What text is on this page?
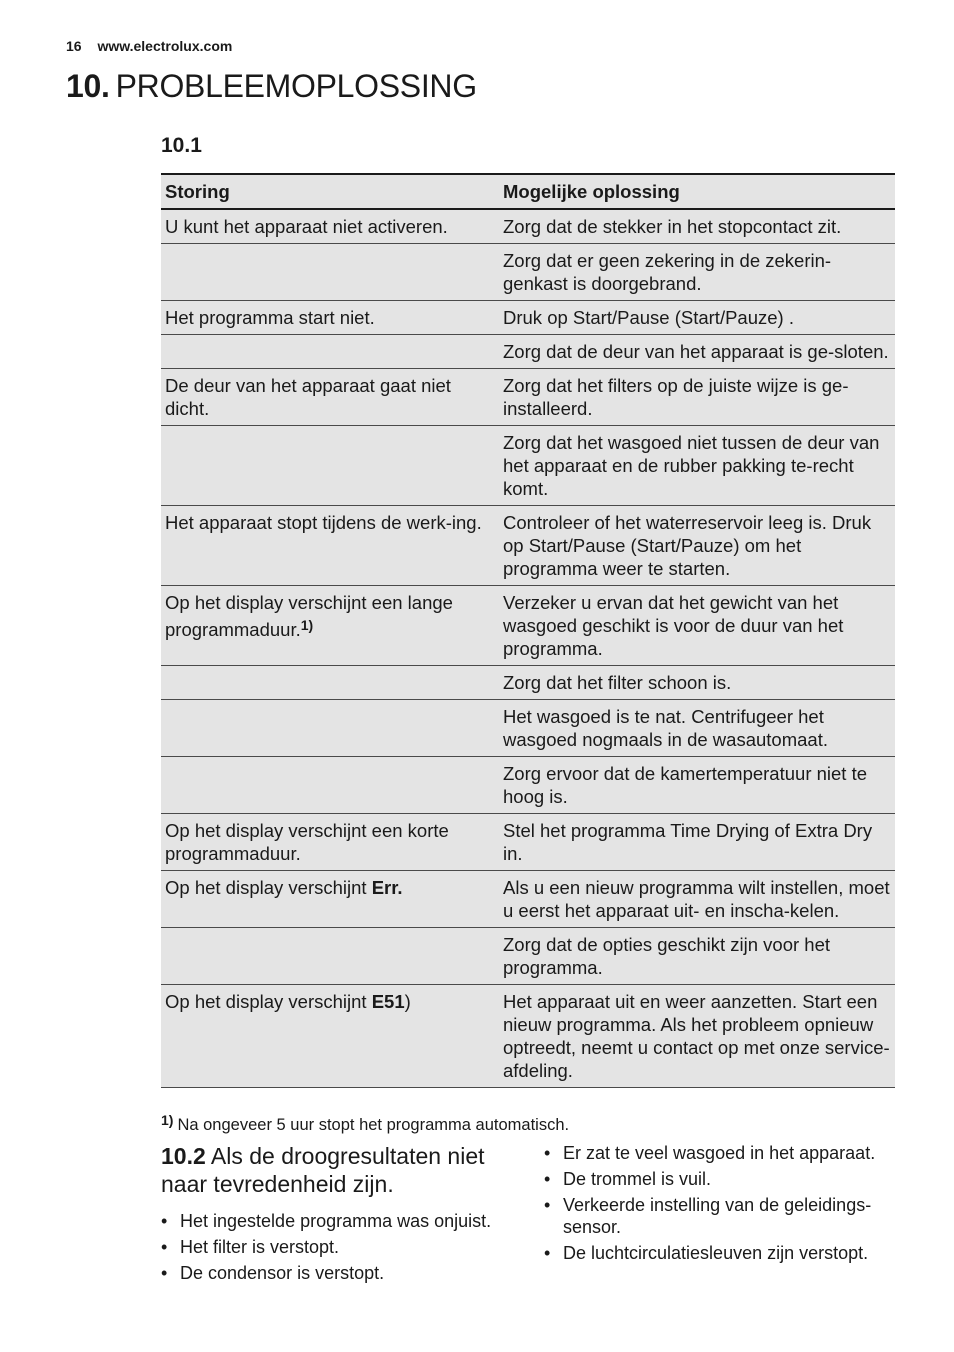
16 www.electrolux.com
10. PROBLEEMOPLOSSING
10.1
Storing	Mogelijke oplossing
U kunt het apparaat niet activeren.	Zorg dat de stekker in het stopcontact zit.
	Zorg dat er geen zekering in de zekerin-genkast is doorgebrand.
Het programma start niet.	Druk op Start/Pause (Start/Pauze) .
	Zorg dat de deur van het apparaat is ge-sloten.
De deur van het apparaat gaat niet dicht.	Zorg dat het filters op de juiste wijze is ge-installeerd.
	Zorg dat het wasgoed niet tussen de deur van het apparaat en de rubber pakking te-recht komt.
Het apparaat stopt tijdens de werk-ing.	Controleer of het waterreservoir leeg is. Druk op Start/Pause (Start/Pauze) om het programma weer te starten.
Op het display verschijnt een lange programmaduur.$^{1)}$	Verzeker u ervan dat het gewicht van het wasgoed geschikt is voor de duur van het programma.
	Zorg dat het filter schoon is.
	Het wasgoed is te nat. Centrifugeer het wasgoed nogmaals in de wasautomaat.
	Zorg ervoor dat de kamertemperatuur niet te hoog is.
Op het display verschijnt een korte programmaduur.	Stel het programma Time Drying of Extra Dry in.
Op het display verschijnt Err.	Als u een nieuw programma wilt instellen, moet u eerst het apparaat uit- en inscha-kelen.
	Zorg dat de opties geschikt zijn voor het programma.
Op het display verschijnt E51)	Het apparaat uit en weer aanzetten. Start een nieuw programma. Als het probleem opnieuw optreedt, neemt u contact op met onze service-afdeling.
$^{1)}$ Na ongeveer 5 uur stopt het programma automatisch.
10.2 Als de droogresultaten niet naar tevredenheid zijn.
• Het ingestelde programma was onjuist.
• Het filter is verstopt.
• De condensor is verstopt.
• Er zat te veel wasgoed in het apparaat.
• De trommel is vuil.
• Verkeerde instelling van de geleidings-sensor.
• De luchtcirculatiesleuven zijn verstopt.
